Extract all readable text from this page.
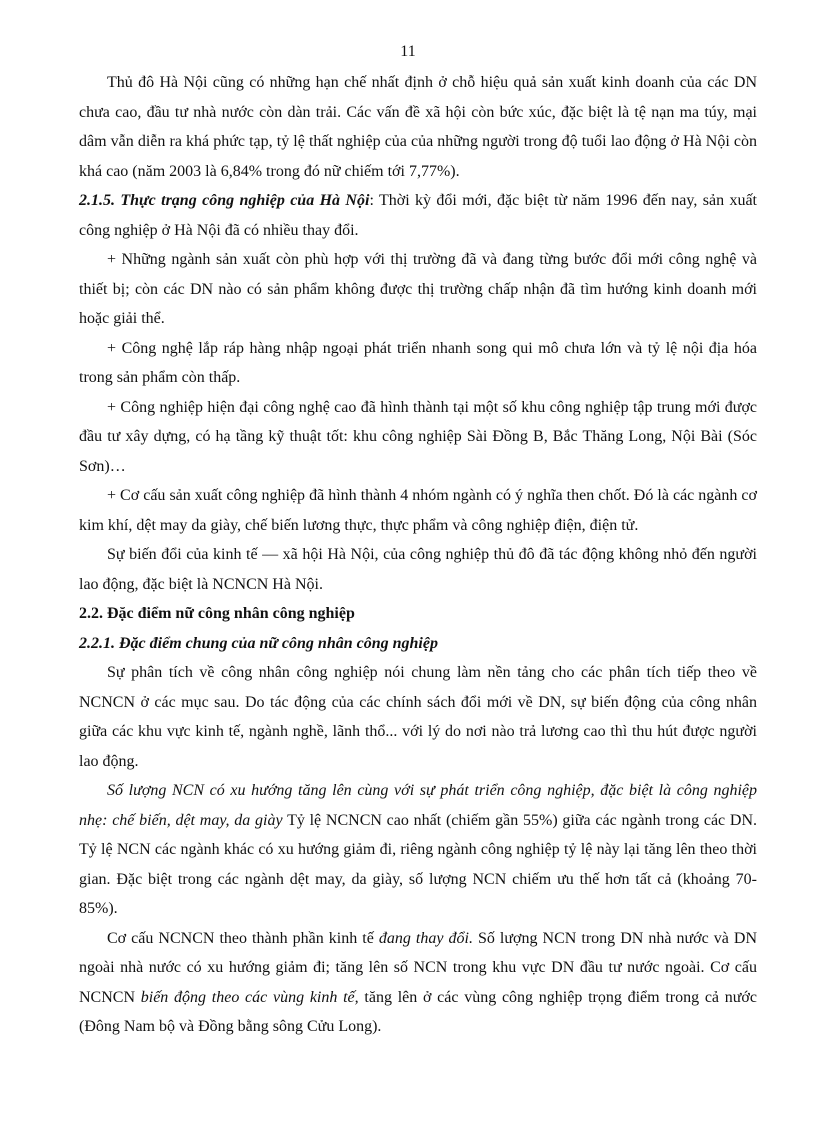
11

Thủ đô Hà Nội cũng có những hạn chế nhất định ở chỗ hiệu quả sản xuất kinh doanh của các DN chưa cao, đầu tư nhà nước còn dàn trải. Các vấn đề xã hội còn bức xúc, đặc biệt là tệ nạn ma túy, mại dâm vẫn diễn ra khá phức tạp, tỷ lệ thất nghiệp của của những người trong độ tuổi lao động ở Hà Nội còn khá cao (năm 2003 là 6,84% trong đó nữ chiếm tới 7,77%).

2.1.5. Thực trạng công nghiệp của Hà Nội: Thời kỳ đổi mới, đặc biệt từ năm 1996 đến nay, sản xuất công nghiệp ở Hà Nội đã có nhiều thay đổi.

+ Những ngành sản xuất còn phù hợp với thị trường đã và đang từng bước đổi mới công nghệ và thiết bị; còn các DN nào có sản phẩm không được thị trường chấp nhận đã tìm hướng kinh doanh mới hoặc giải thể.

+ Công nghệ lắp ráp hàng nhập ngoại phát triển nhanh song qui mô chưa lớn và tỷ lệ nội địa hóa trong sản phẩm còn thấp.

+ Công nghiệp hiện đại công nghệ cao đã hình thành tại một số khu công nghiệp tập trung mới được đầu tư xây dựng, có hạ tầng kỹ thuật tốt: khu công nghiệp Sài Đồng B, Bắc Thăng Long, Nội Bài (Sóc Sơn)…

+ Cơ cấu sản xuất công nghiệp đã hình thành 4 nhóm ngành có ý nghĩa then chốt. Đó là các ngành cơ kim khí, dệt may da giày, chế biến lương thực, thực phẩm và công nghiệp điện, điện tử.

Sự biến đổi của kinh tế — xã hội Hà Nội, của công nghiệp thủ đô đã tác động không nhỏ đến người lao động, đặc biệt là NCNCN Hà Nội.

2.2. Đặc điểm nữ công nhân công nghiệp

2.2.1. Đặc điểm chung của nữ công nhân công nghiệp

Sự phân tích về công nhân công nghiệp nói chung làm nền tảng cho các phân tích tiếp theo về NCNCN ở các mục sau. Do tác động của các chính sách đổi mới về DN, sự biến động của công nhân giữa các khu vực kinh tế, ngành nghề, lãnh thổ... với lý do nơi nào trả lương cao thì thu hút được người lao động.

Số lượng NCN có xu hướng tăng lên cùng với sự phát triển công nghiệp, đặc biệt là công nghiệp nhẹ: chế biến, dệt may, da giày Tỷ lệ NCNCN cao nhất (chiếm gần 55%) giữa các ngành trong các DN. Tỷ lệ NCN các ngành khác có xu hướng giảm đi, riêng ngành công nghiệp tỷ lệ này lại tăng lên theo thời gian. Đặc biệt trong các ngành dệt may, da giày, số lượng NCN chiếm ưu thế hơn tất cả (khoảng 70-85%).

Cơ cấu NCNCN theo thành phần kinh tế đang thay đổi. Số lượng NCN trong DN nhà nước và DN ngoài nhà nước có xu hướng giảm đi; tăng lên số NCN trong khu vực DN đầu tư nước ngoài. Cơ cấu NCNCN biến động theo các vùng kinh tế, tăng lên ở các vùng công nghiệp trọng điểm trong cả nước (Đông Nam bộ và Đồng bằng sông Cửu Long).
